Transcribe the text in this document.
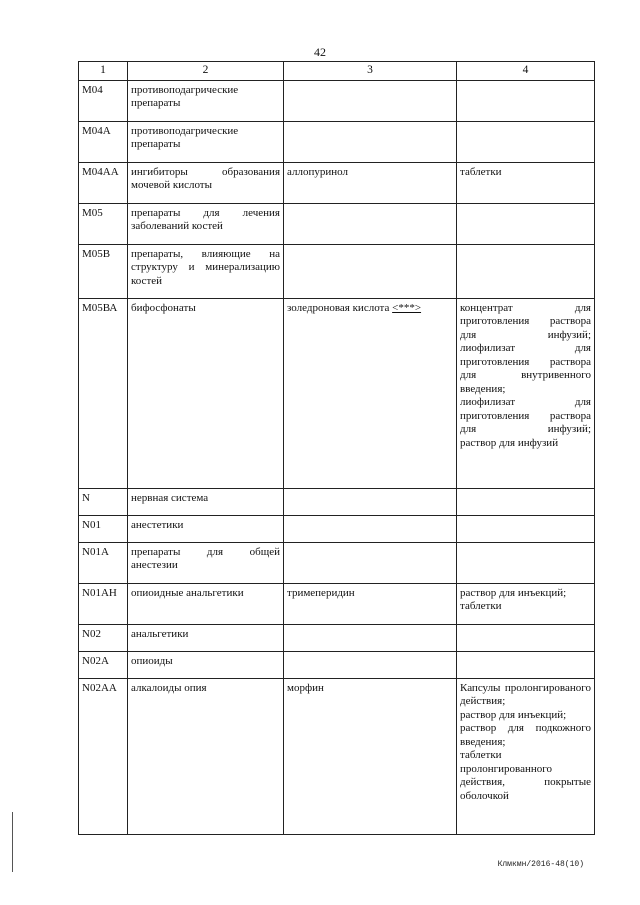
42
1	2	3	4
М04	противоподагрические препараты		
М04А	противоподагрические препараты		
М04АА	ингибиторы образования мочевой кислоты	аллопуринол	таблетки
М05	препараты для лечения заболеваний костей		
М05В	препараты, влияющие на структуру и минерализацию костей		
М05ВА	бифосфонаты	золедроновая кислота <***>	концентрат для приготовления раствора для инфузий;
лиофилизат для приготовления раствора для внутривенного введения;
лиофилизат для приготовления раствора для инфузий;
раствор для инфузий

N	нервная система		
N01	анестетики		
N01A	препараты для общей анестезии		
N01AH	опиоидные анальгетики	тримеперидин	раствор для инъекций;
таблетки

N02	анальгетики		
N02A	опиоиды		
N02AA	алкалоиды опия	морфин	Капсулы пролонгированого действия;
раствор для инъекций;
раствор для подкожного введения;
таблетки пролонгированного действия, покрытые оболочкой
Клмкмн/2016-48(10)
